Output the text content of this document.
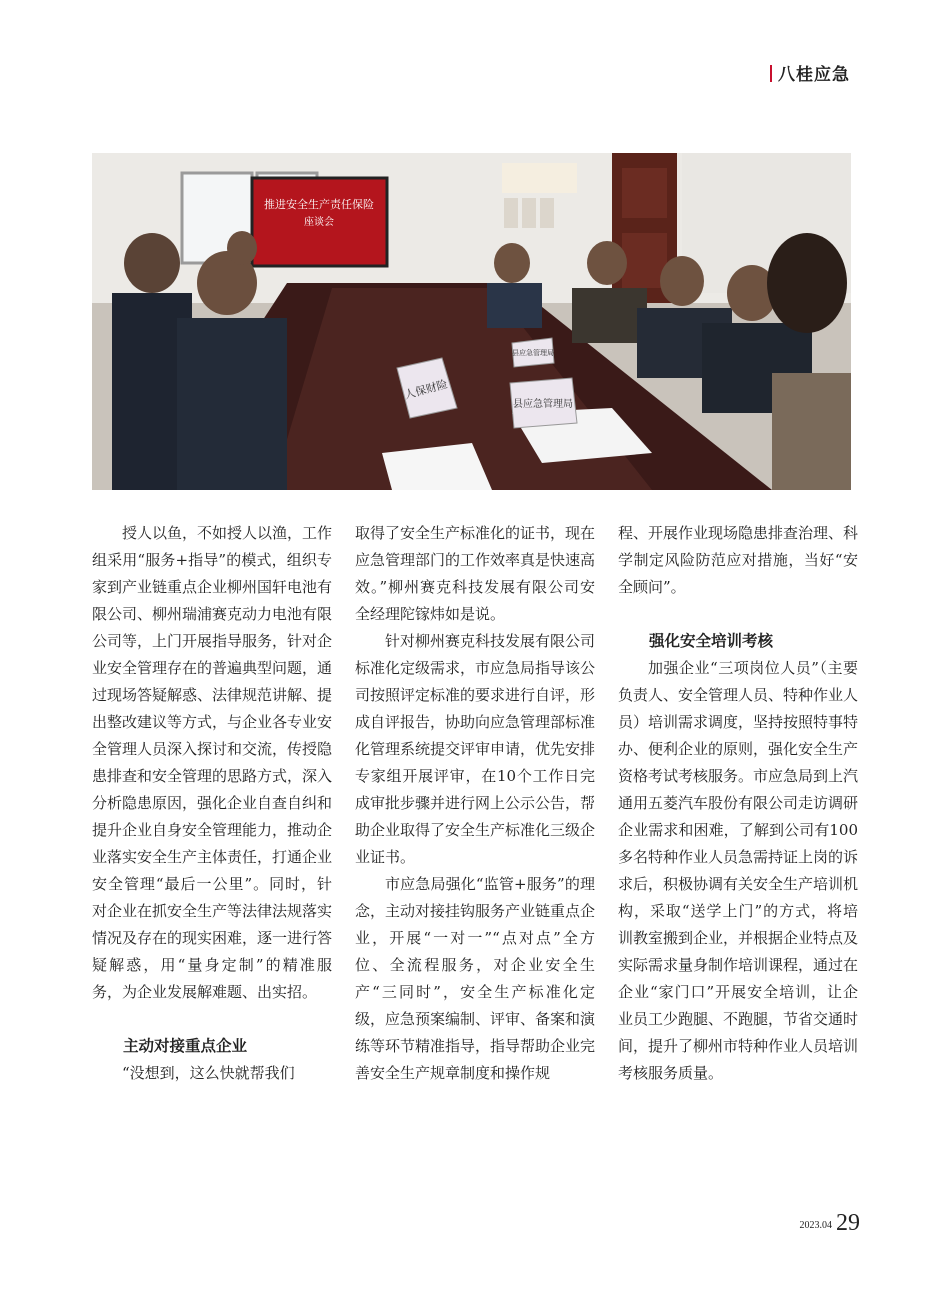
八桂应急
推进安全生产责任保险
座谈会
人保财险
县应急管理局
县应急管理局

授人以鱼，不如授人以渔，工作组采用“服务+指导”的模式，组织专家到产业链重点企业柳州国轩电池有限公司、柳州瑞浦赛克动力电池有限公司等，上门开展指导服务，针对企业安全管理存在的普遍典型问题，通过现场答疑解惑、法律规范讲解、提出整改建议等方式，与企业各专业安全管理人员深入探讨和交流，传授隐患排查和安全管理的思路方式，深入分析隐患原因，强化企业自查自纠和提升企业自身安全管理能力，推动企业落实安全生产主体责任，打通企业安全管理“最后一公里”。同时，针对企业在抓安全生产等法律法规落实情况及存在的现实困难，逐一进行答疑解惑，用“量身定制”的精准服务，为企业发展解难题、出实招。

主动对接重点企业

“没想到，这么快就帮我们

取得了安全生产标准化的证书，现在应急管理部门的工作效率真是快速高效。”柳州赛克科技发展有限公司安全经理陀镓炜如是说。

针对柳州赛克科技发展有限公司标准化定级需求，市应急局指导该公司按照评定标准的要求进行自评，形成自评报告，协助向应急管理部标准化管理系统提交评审申请，优先安排专家组开展评审，在10个工作日完成审批步骤并进行网上公示公告，帮助企业取得了安全生产标准化三级企业证书。

市应急局强化“监管+服务”的理念，主动对接挂钩服务产业链重点企业，开展“一对一”“点对点”全方位、全流程服务，对企业安全生产“三同时”，安全生产标准化定级，应急预案编制、评审、备案和演练等环节精准指导，指导帮助企业完善安全生产规章制度和操作规

程、开展作业现场隐患排查治理、科学制定风险防范应对措施，当好“安全顾问”。

强化安全培训考核

加强企业“三项岗位人员”（主要负责人、安全管理人员、特种作业人员）培训需求调度，坚持按照特事特办、便利企业的原则，强化安全生产资格考试考核服务。市应急局到上汽通用五菱汽车股份有限公司走访调研企业需求和困难，了解到公司有100多名特种作业人员急需持证上岗的诉求后，积极协调有关安全生产培训机构，采取“送学上门”的方式，将培训教室搬到企业，并根据企业特点及实际需求量身制作培训课程，通过在企业“家门口”开展安全培训，让企业员工少跑腿、不跑腿，节省交通时间，提升了柳州市特种作业人员培训考核服务质量。

2023.04 29
